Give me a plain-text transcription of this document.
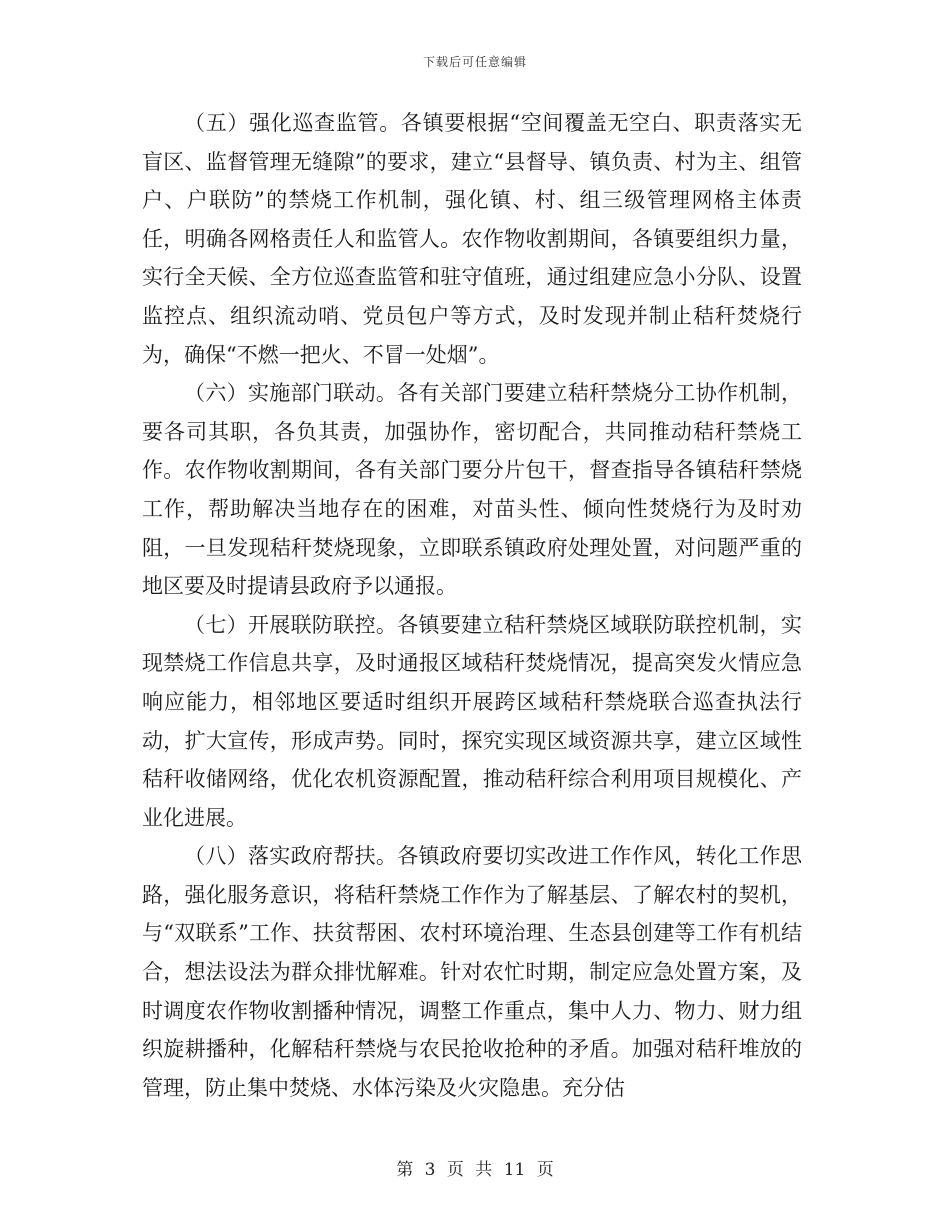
下载后可任意编辑

（五）强化巡查监管。各镇要根据“空间覆盖无空白、职责落实无盲区、监督管理无缝隙”的要求，建立“县督导、镇负责、村为主、组管户、户联防”的禁烧工作机制，强化镇、村、组三级管理网格主体责任，明确各网格责任人和监管人。农作物收割期间，各镇要组织力量，实行全天候、全方位巡查监管和驻守值班，通过组建应急小分队、设置监控点、组织流动哨、党员包户等方式，及时发现并制止秸秆焚烧行为，确保“不燃一把火、不冒一处烟”。

（六）实施部门联动。各有关部门要建立秸秆禁烧分工协作机制，要各司其职，各负其责，加强协作，密切配合，共同推动秸秆禁烧工作。农作物收割期间，各有关部门要分片包干，督查指导各镇秸秆禁烧工作，帮助解决当地存在的困难，对苗头性、倾向性焚烧行为及时劝阻，一旦发现秸秆焚烧现象，立即联系镇政府处理处置，对问题严重的地区要及时提请县政府予以通报。

（七）开展联防联控。各镇要建立秸秆禁烧区域联防联控机制，实现禁烧工作信息共享，及时通报区域秸秆焚烧情况，提高突发火情应急响应能力，相邻地区要适时组织开展跨区域秸秆禁烧联合巡查执法行动，扩大宣传，形成声势。同时，探究实现区域资源共享，建立区域性秸秆收储网络，优化农机资源配置，推动秸秆综合利用项目规模化、产业化进展。

（八）落实政府帮扶。各镇政府要切实改进工作作风，转化工作思路，强化服务意识，将秸秆禁烧工作作为了解基层、了解农村的契机，与“双联系”工作、扶贫帮困、农村环境治理、生态县创建等工作有机结合，想法设法为群众排忧解难。针对农忙时期，制定应急处置方案，及时调度农作物收割播种情况，调整工作重点，集中人力、物力、财力组织旋耕播种，化解秸秆禁烧与农民抢收抢种的矛盾。加强对秸秆堆放的管理，防止集中焚烧、水体污染及火灾隐患。充分估

第 3 页 共 11 页
